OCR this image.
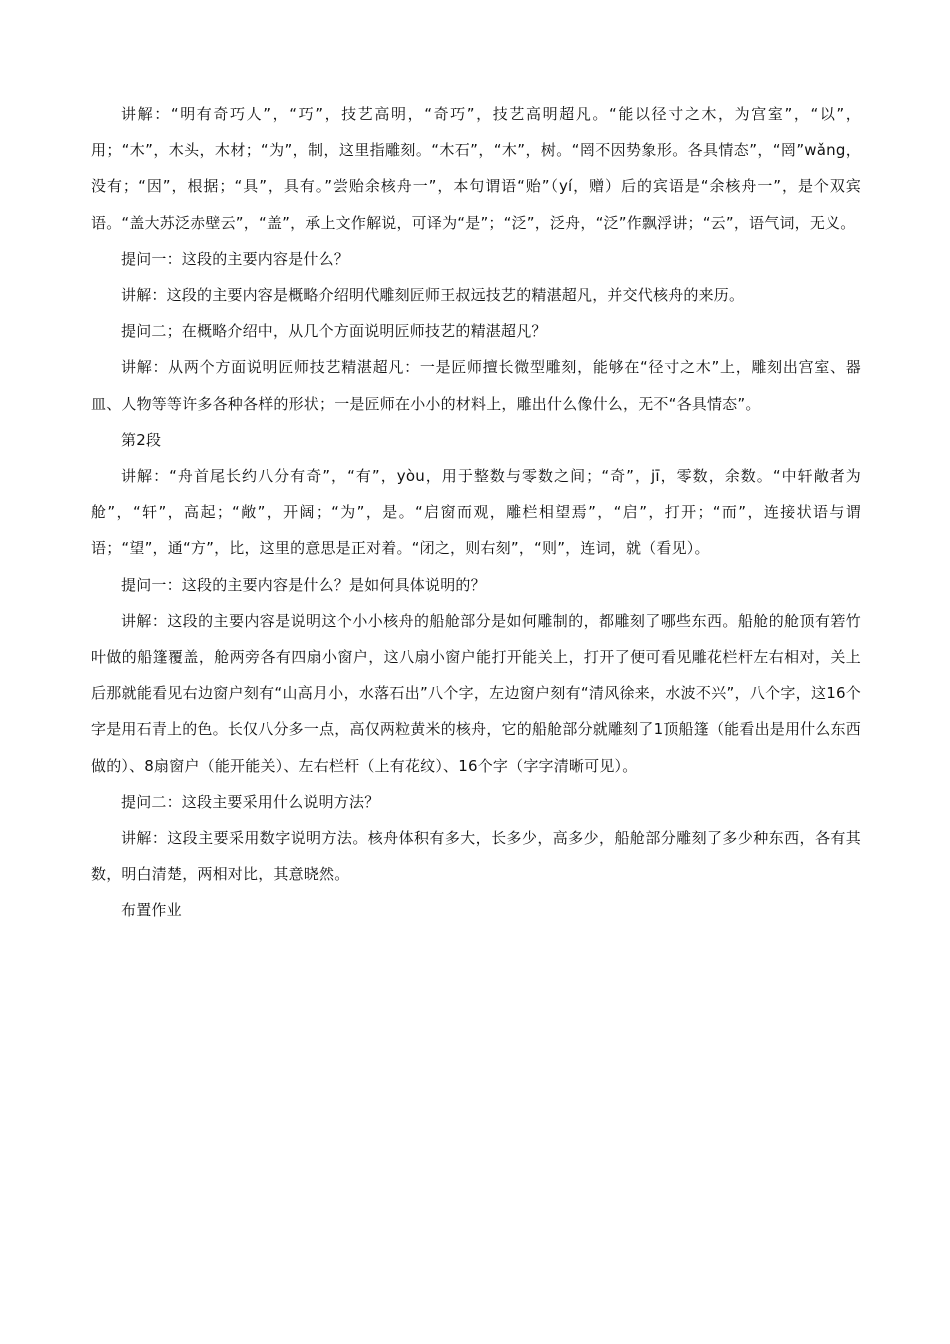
讲解：“明有奇巧人”，“巧”，技艺高明，“奇巧”，技艺高明超凡。“能以径寸之木，为宫室”，“以”，用；“木”，木头，木材；“为”，制，这里指雕刻。“木石”，“木”，树。“罔不因势象形。各具情态”，“罔”wǎng，没有；“因”，根据；“具”，具有。”尝贻余核舟一”，本句谓语“贻”（yí，赠）后的宾语是“余核舟一”，是个双宾语。“盖大苏泛赤壁云”，“盖”，承上文作解说，可译为“是”；“泛”，泛舟，“泛”作飘浮讲；“云”，语气词，无义。

提问一：这段的主要内容是什么？

讲解：这段的主要内容是概略介绍明代雕刻匠师王叔远技艺的精湛超凡，并交代核舟的来历。

提问二；在概略介绍中，从几个方面说明匠师技艺的精湛超凡？

讲解：从两个方面说明匠师技艺精湛超凡：一是匠师擅长微型雕刻，能够在“径寸之木”上，雕刻出宫室、器皿、人物等等许多各种各样的形状；一是匠师在小小的材料上，雕出什么像什么，无不“各具情态”。

第2段

讲解：“舟首尾长约八分有奇”，“有”，yòu，用于整数与零数之间；“奇”，jī，零数，余数。“中轩敞者为舱”，“轩”，高起；“敞”，开阔；“为”，是。“启窗而观，雕栏相望焉”，“启”，打开；“而”，连接状语与谓语；“望”，通“方”，比，这里的意思是正对着。“闭之，则右刻”，“则”，连词，就（看见）。

提问一：这段的主要内容是什么？是如何具体说明的？

讲解：这段的主要内容是说明这个小小核舟的船舱部分是如何雕制的，都雕刻了哪些东西。船舱的舱顶有箬竹叶做的船篷覆盖，舱两旁各有四扇小窗户，这八扇小窗户能打开能关上，打开了便可看见雕花栏杆左右相对，关上后那就能看见右边窗户刻有“山高月小，水落石出”八个字，左边窗户刻有“清风徐来，水波不兴”，八个字，这16个字是用石青上的色。长仅八分多一点，高仅两粒黄米的核舟，它的船舱部分就雕刻了1顶船篷（能看出是用什么东西做的）、8扇窗户（能开能关）、左右栏杆（上有花纹）、16个字（字字清晰可见）。

提问二：这段主要采用什么说明方法？

讲解：这段主要采用数字说明方法。核舟体积有多大，长多少，高多少，船舱部分雕刻了多少种东西，各有其数，明白清楚，两相对比，其意晓然。

布置作业
